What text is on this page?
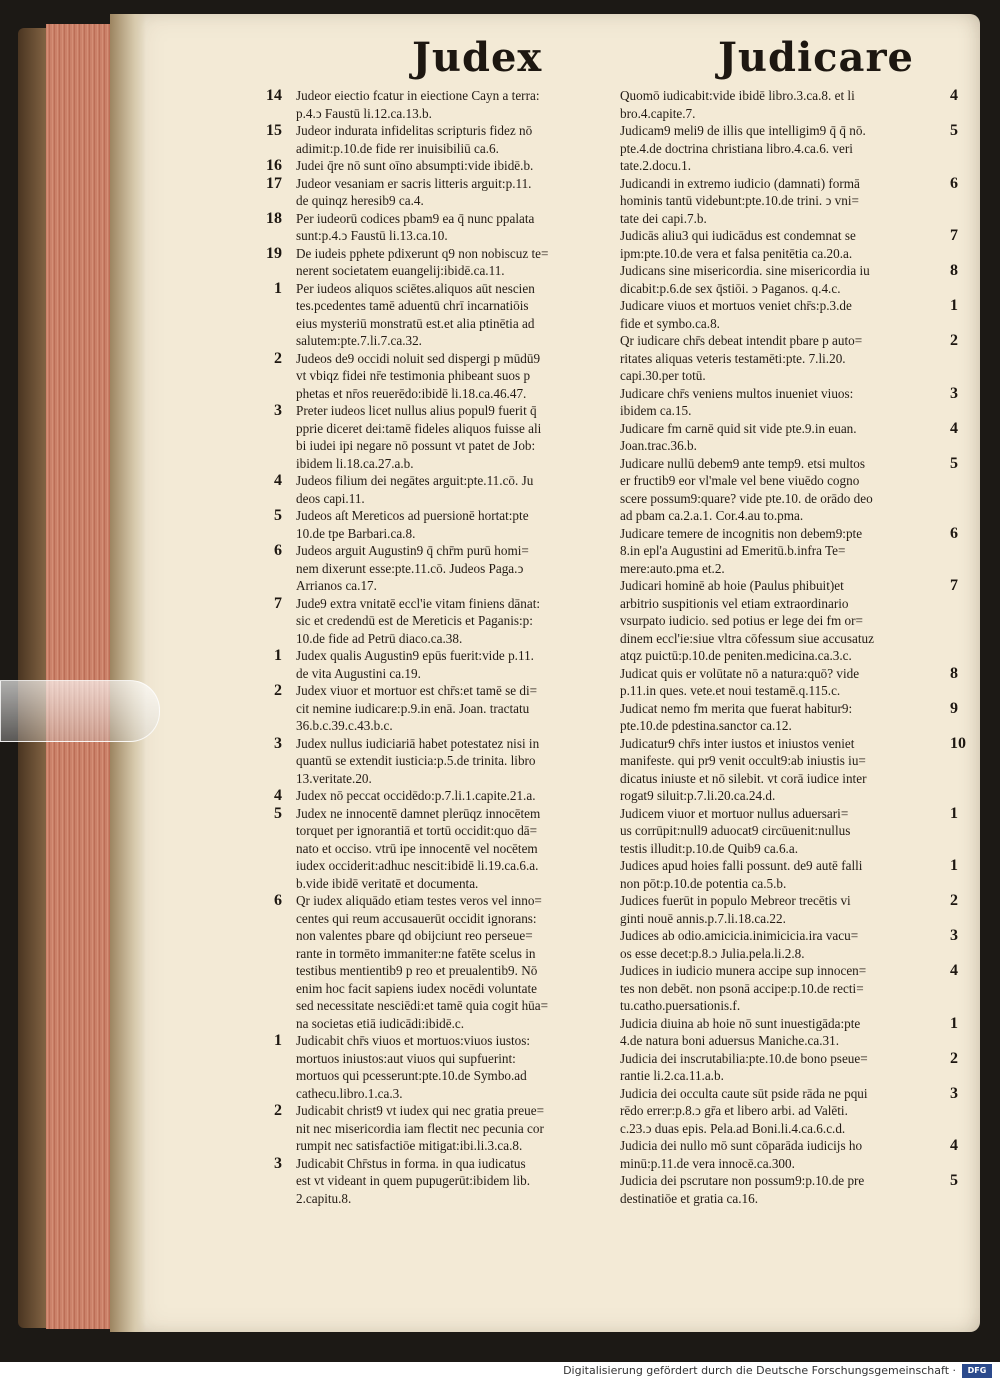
Judex	Judicare
14 Judeor eiectio fcatur in eiectione Cayn a terra:
p.4.ↄ Faustū li.12.ca.13.b.
15 Judeor indurata infidelitas scripturis fidez nō
adimit:p.10.de fide rer inuisibiliū ca.6.
16 Judei q̄re nō sunt oīno absumpti:vide ibidē.b.
17 Judeor vesaniam er sacris litteris arguit:p.11.
de quinqz heresib9 ca.4.
18 Per iudeorū codices pbam9 ea q̄ nunc ppalata
sunt:p.4.ↄ Faustū li.13.ca.10.
19 De iudeis pphete pdixerunt q9 non nobiscuz te=
nerent societatem euangelij:ibidē.ca.11.
1 Per iudeos aliquos sciētes.aliquos aūt nescien
tes.pcedentes tamē aduentū chrī incarnatiōis
eius mysteriū monstratū est.et alia ptinētia ad
salutem:pte.7.li.7.ca.32.
2 Judeos de9 occidi noluit sed dispergi p mūdū9
vt vbiqz fidei nr̄e testimonia phibeant suos p
phetas et nr̄os reuerēdo:ibidē li.18.ca.46.47.
3 Preter iudeos licet nullus alius popul9 fuerit q̄
pprie diceret dei:tamē fideles aliquos fuisse ali
bi iudei ipi negare nō possunt vt patet de Job:
ibidem li.18.ca.27.a.b.
4 Judeos filium dei negātes arguit:pte.11.cō. Ju
deos capi.11.
5 Judeos aſt Mereticos ad puersionē hortat:pte
10.de tpe Barbari.ca.8.
6 Judeos arguit Augustin9 q̄ chr̄m purū homi=
nem dixerunt esse:pte.11.cō. Judeos Paga.ↄ
Arrianos ca.17.
7 Jude9 extra vnitatē eccl'ie vitam finiens dānat:
sic et credendū est de Mereticis et Paganis:p:
10.de fide ad Petrū diaco.ca.38.
1 Judex qualis Augustin9 epūs fuerit:vide p.11.
de vita Augustini ca.19.
2 Judex viuor et mortuor est chr̄s:et tamē se di=
cit nemine iudicare:p.9.in enā. Joan. tractatu
36.b.c.39.c.43.b.c.
3 Judex nullus iudiciariā habet potestatez nisi in
quantū se extendit iusticia:p.5.de trinita. libro
13.veritate.20.
4 Judex nō peccat occidēdo:p.7.li.1.capite.21.a.
5 Judex ne innocentē damnet plerūqz innocētem
torquet per ignorantiā et tortū occidit:quo dā=
nato et occiso. vtrū ipe innocentē vel nocētem
iudex occiderit:adhuc nescit:ibidē li.19.ca.6.a.
b.vide ibidē veritatē et documenta.
6 Qr iudex aliquādo etiam testes veros vel inno=
centes qui reum accusauerūt occidit ignorans:
non valentes pbare qd obijciunt reo perseue=
rante in tormēto immaniter:ne fatēte scelus in
testibus mentientib9 p reo et preualentib9. Nō
enim hoc facit sapiens iudex nocēdi voluntate
sed necessitate nesciēdi:et tamē quia cogit hūa=
na societas etiā iudicādi:ibidē.c.
1 Judicabit chr̄s viuos et mortuos:viuos iustos:
mortuos iniustos:aut viuos qui supfuerint:
mortuos qui pcesserunt:pte.10.de Symbo.ad
cathecu.libro.1.ca.3.
2 Judicabit christ9 vt iudex qui nec gratia preue=
nit nec misericordia iam flectit nec pecunia cor
rumpit nec satisfactiōe mitigat:ibi.li.3.ca.8.
3 Judicabit Chr̄stus in forma. in qua iudicatus
est vt videant in quem pupugerūt:ibidem lib.
2.capitu.8.
4
Quomō iudicabit:vide ibidē libro.3.ca.8. et li
bro.4.capite.7.
5
Judicam9 meli9 de illis que intelligim9 q̄ q̄ nō.
pte.4.de doctrina christiana libro.4.ca.6. veri
tate.2.docu.1.
6
Judicandi in extremo iudicio (damnati) formā
hominis tantū videbunt:pte.10.de trini. ↄ vni=
tate dei capi.7.b.
7
Judicās aliu3 qui iudicādus est condemnat se
ipm:pte.10.de vera et falsa penitētia ca.20.a.
8
Judicans sine misericordia. sine misericordia iu
dicabit:p.6.de sex q̄stiōi. ↄ Paganos. q.4.c.
1
Judicare viuos et mortuos veniet chr̄s:p.3.de
fide et symbo.ca.8.
2
Qr iudicare chr̄s debeat intendit pbare p auto=
ritates aliquas veteris testamēti:pte. 7.li.20.
capi.30.per totū.
3
Judicare chr̄s veniens multos inueniet viuos:
ibidem ca.15.
4
Judicare fm carnē quid sit vide pte.9.in euan.
Joan.trac.36.b.
5
Judicare nullū debem9 ante temp9. etsi multos
er fructib9 eor vl'male vel bene viuēdo cogno
scere possum9:quare? vide pte.10. de orādo deo
ad pbam ca.2.a.1. Cor.4.au to.pma.
6
Judicare temere de incognitis non debem9:pte
8.in epl'a Augustini ad Emeritū.b.infra Te=
mere:auto.pma et.2.
7
Judicari hominē ab hoie (Paulus phibuit)et
arbitrio suspitionis vel etiam extraordinario
vsurpato iudicio. sed potius er lege dei fm or=
dinem eccl'ie:siue vltra cōfessum siue accusatuz
atqz puictū:p.10.de peniten.medicina.ca.3.c.
8
Judicat quis er volūtate nō a natura:quō? vide
p.11.in ques. vete.et noui testamē.q.115.c.
9
Judicat nemo fm merita que fuerat habitur9:
pte.10.de pdestina.sanctor ca.12.
10
Judicatur9 chr̄s inter iustos et iniustos veniet
manifeste. qui pr9 venit occult9:ab iniustis iu=
dicatus iniuste et nō silebit. vt corā iudice inter
rogat9 siluit:p.7.li.20.ca.24.d.
1
Judicem viuor et mortuor nullus aduersari=
us corrūpit:null9 aduocat9 circūuenit:nullus
testis illudit:p.10.de Quib9 ca.6.a.
1
Judices apud hoies falli possunt. de9 autē falli
non pōt:p.10.de potentia ca.5.b.
2
Judices fuerūt in populo Mebreor trecētis vi
ginti nouē annis.p.7.li.18.ca.22.
3
Judices ab odio.amicicia.inimicicia.ira vacu=
os esse decet:p.8.ↄ Julia.pela.li.2.8.
4
Judices in iudicio munera accipe sup innocen=
tes non debēt. non psonā accipe:p.10.de recti=
tu.catho.puersationis.f.
1
Judicia diuina ab hoie nō sunt inuestigāda:pte
4.de natura boni aduersus Maniche.ca.31.
2
Judicia dei inscrutabilia:pte.10.de bono pseue=
rantie li.2.ca.11.a.b.
3
Judicia dei occulta caute sūt pside rāda ne pqui
rēdo errer:p.8.ↄ gr̄a et libero arbi. ad Valēti.
c.23.ↄ duas epis. Pela.ad Boni.li.4.ca.6.c.d.
4
Judicia dei nullo mō sunt cōparāda iudicijs ho
minū:p.11.de vera innocē.ca.300.
5
Judicia dei pscrutare non possum9:p.10.de pre
destinatiōe et gratia ca.16.
Digitalisierung gefördert durch die Deutsche Forschungsgemeinschaft ·	DFG
